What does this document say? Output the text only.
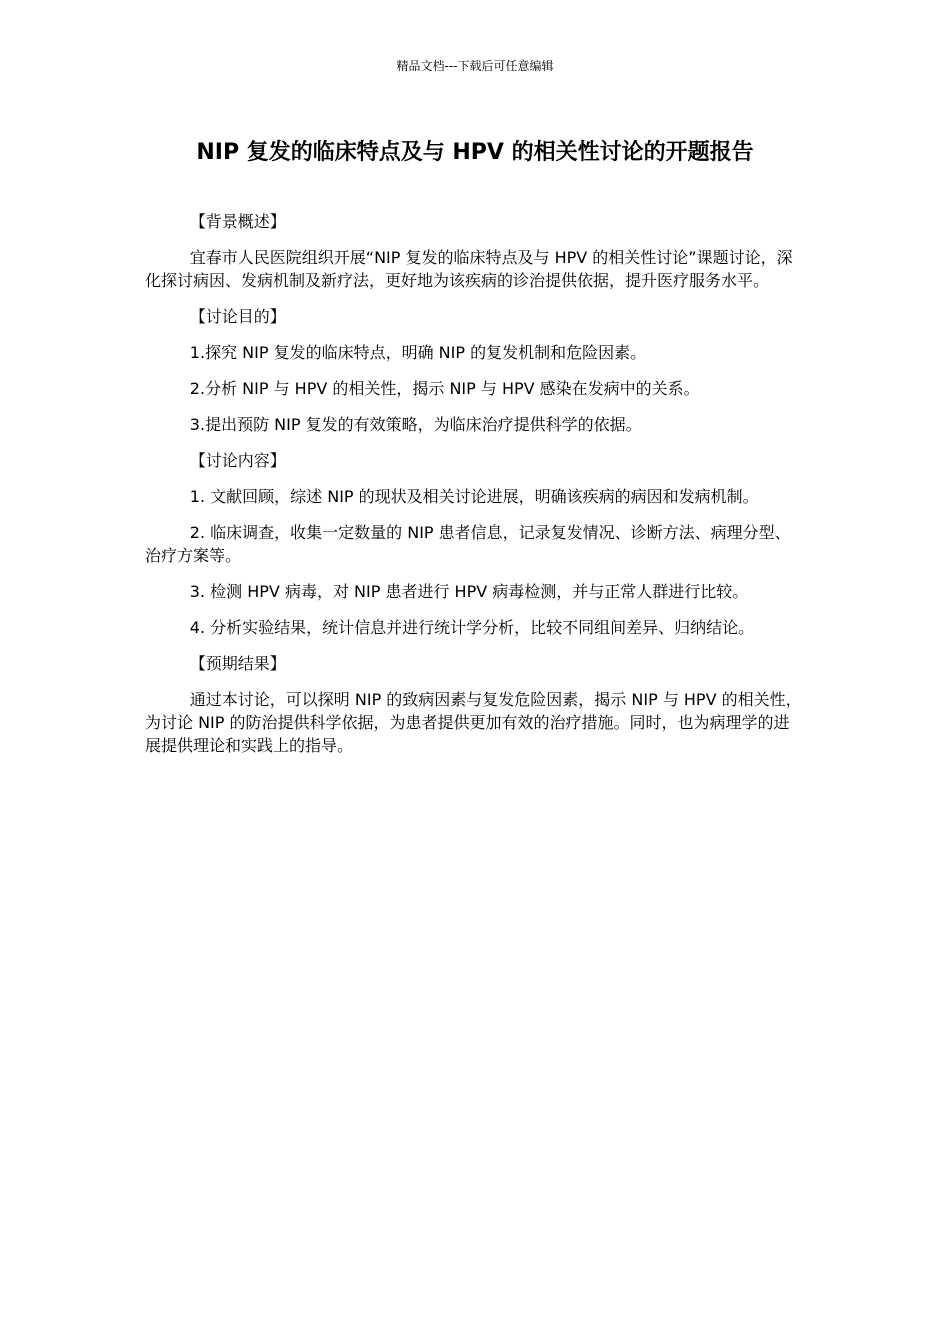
精品文档---下载后可任意编辑
NIP 复发的临床特点及与 HPV 的相关性讨论的开题报告

【背景概述】

宜春市人民医院组织开展“NIP 复发的临床特点及与 HPV 的相关性讨论”课题讨论，深化探讨病因、发病机制及新疗法，更好地为该疾病的诊治提供依据，提升医疗服务水平。

【讨论目的】

1.探究 NIP 复发的临床特点，明确 NIP 的复发机制和危险因素。

2.分析 NIP 与 HPV 的相关性，揭示 NIP 与 HPV 感染在发病中的关系。

3.提出预防 NIP 复发的有效策略，为临床治疗提供科学的依据。

【讨论内容】

1. 文献回顾，综述 NIP 的现状及相关讨论进展，明确该疾病的病因和发病机制。

2. 临床调查，收集一定数量的 NIP 患者信息，记录复发情况、诊断方法、病理分型、治疗方案等。

3. 检测 HPV 病毒，对 NIP 患者进行 HPV 病毒检测，并与正常人群进行比较。

4. 分析实验结果，统计信息并进行统计学分析，比较不同组间差异、归纳结论。

【预期结果】

通过本讨论，可以探明 NIP 的致病因素与复发危险因素，揭示 NIP 与 HPV 的相关性，为讨论 NIP 的防治提供科学依据，为患者提供更加有效的治疗措施。同时，也为病理学的进展提供理论和实践上的指导。
